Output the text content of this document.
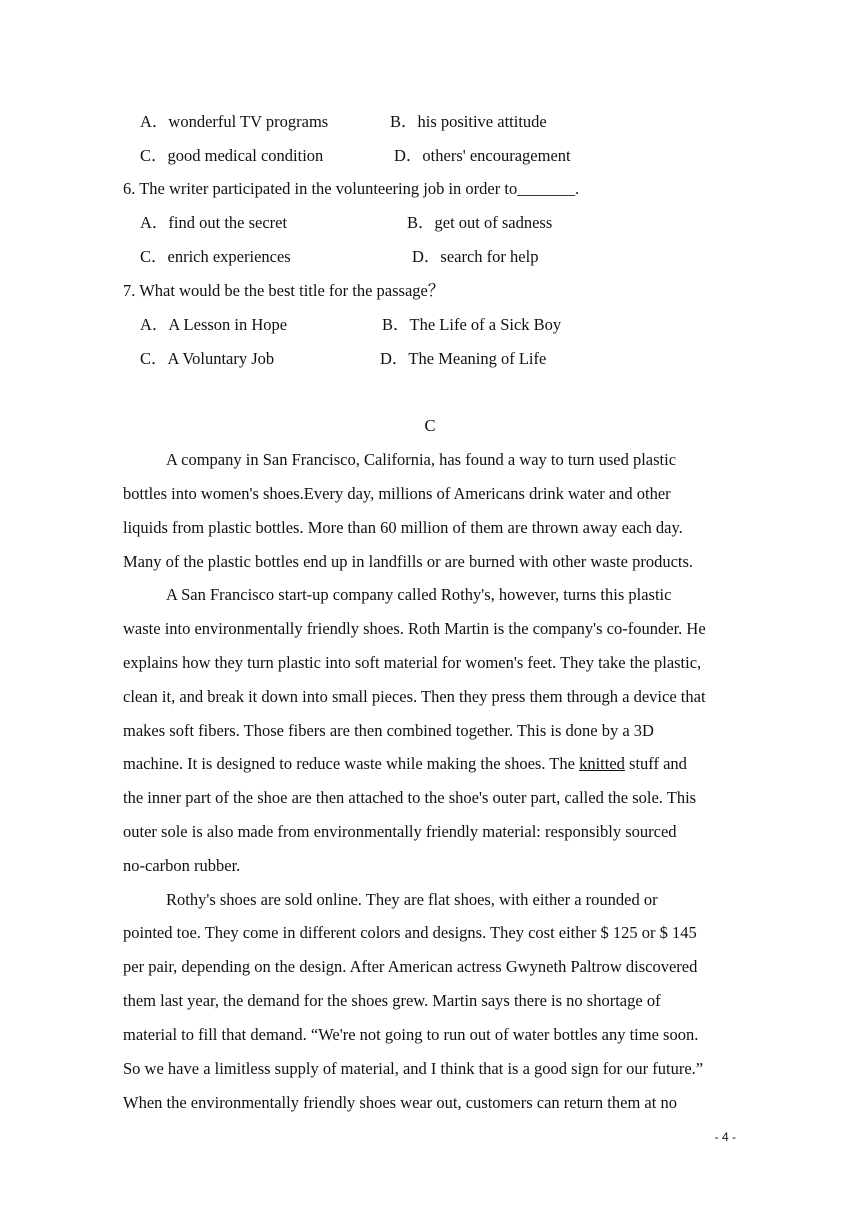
A．wonderful TV programs	B．his positive attitude
C．good medical condition	D．others' encouragement
6. The writer participated in the volunteering job in order to_______.
A．find out the secret	B．get out of sadness
C．enrich experiences	D．search for help
7. What would be the best title for the passage？
A．A Lesson in Hope	B．The Life of a Sick Boy
C．A Voluntary Job	D．The Meaning of Life
C
A company in San Francisco, California, has found a way to turn used plastic
bottles into women's shoes.Every day, millions of Americans drink water and other
liquids from plastic bottles. More than 60 million of them are thrown away each day.
Many of the plastic bottles end up in landfills or are burned with other waste products.
A San Francisco start-up company called Rothy's, however, turns this plastic
waste into environmentally friendly shoes. Roth Martin is the company's co-founder. He
explains how they turn plastic into soft material for women's feet. They take the plastic,
clean it, and break it down into small pieces. Then they press them through a device that
makes soft fibers. Those fibers are then combined together. This is done by a 3D
machine. It is designed to reduce waste while making the shoes. The knitted stuff and
the inner part of the shoe are then attached to the shoe's outer part, called the sole. This
outer sole is also made from environmentally friendly material: responsibly sourced
no-carbon rubber.
Rothy's shoes are sold online. They are flat shoes, with either a rounded or
pointed toe. They come in different colors and designs. They cost either $ 125 or $ 145
per pair, depending on the design. After American actress Gwyneth Paltrow discovered
them last year, the demand for the shoes grew. Martin says there is no shortage of
material to fill that demand. “We're not going to run out of water bottles any time soon.
So we have a limitless supply of material, and I think that is a good sign for our future.”
When the environmentally friendly shoes wear out, customers can return them at no
- 4 -
